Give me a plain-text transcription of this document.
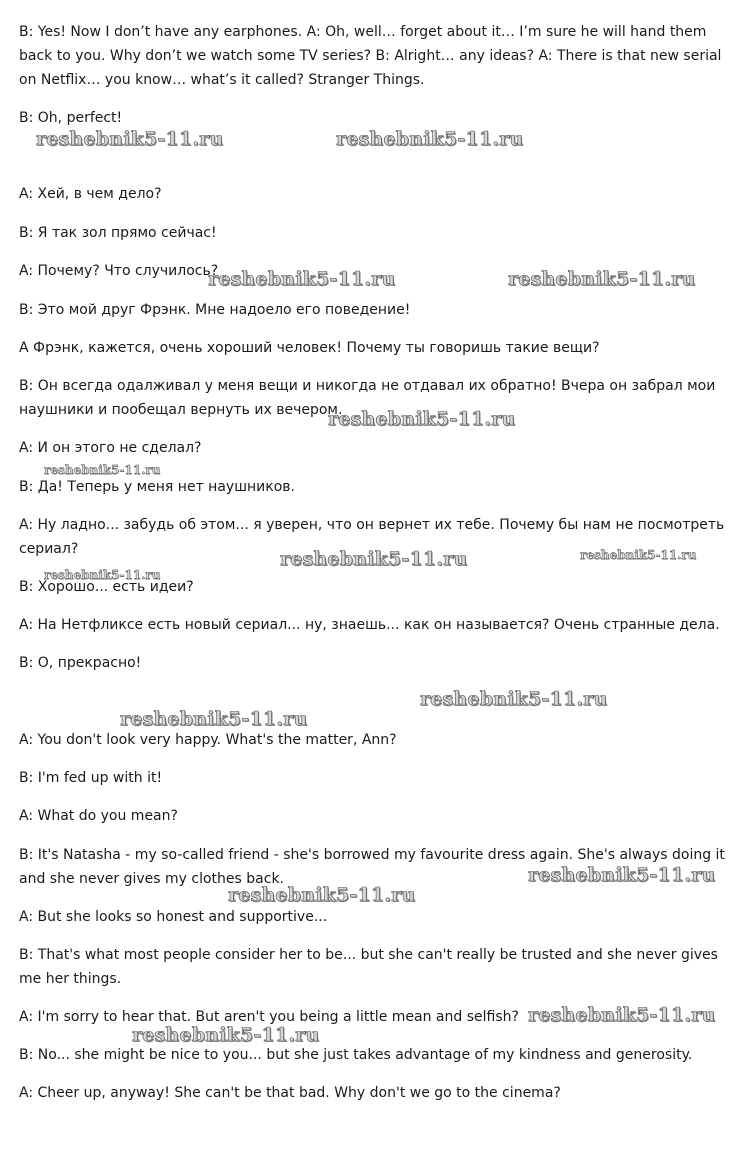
B: Yes! Now I don’t have any earphones. A: Oh, well… forget about it… I’m sure he will hand them back to you. Why don’t we watch some TV series? B: Alright… any ideas? A: There is that new serial on Netflix… you know… what’s it called? Stranger Things.

B: Oh, perfect!

A: Хей, в чем дело?

B: Я так зол прямо сейчас!

A: Почему? Что случилось?

B: Это мой друг Фрэнк. Мне надоело его поведение!

А Фрэнк, кажется, очень хороший человек! Почему ты говоришь такие вещи?

B: Он всегда одалживал у меня вещи и никогда не отдавал их обратно! Вчера он забрал мои наушники и пообещал вернуть их вечером.

A: И он этого не сделал?

B: Да! Теперь у меня нет наушников.

A: Ну ладно... забудь об этом... я уверен, что он вернет их тебе. Почему бы нам не посмотреть сериал?

B: Хорошо... есть идеи?

A: На Нетфликсе есть новый сериал... ну, знаешь... как он называется? Очень странные дела.

B: О, прекрасно!

A: You don't look very happy. What's the matter, Ann?

B: I'm fed up with it!

A: What do you mean?

B: It's Natasha - my so-called friend - she's borrowed my favourite dress again. She's always doing it and she never gives my clothes back.

A: But she looks so honest and supportive...

B: That's what most people consider her to be... but she can't really be trusted and she never gives me her things.

A: I'm sorry to hear that. But aren't you being a little mean and selfish?

B: No... she might be nice to you... but she just takes advantage of my kindness and generosity.

A: Cheer up, anyway! She can't be that bad. Why don't we go to the cinema?

reshebnik5-11.ru	reshebnik5-11.ru
reshebnik5-11.ru	reshebnik5-11.ru
reshebnik5-11.ru
reshebnik5-11.ru
reshebnik5-11.ru	reshebnik5-11.ru
reshebnik5-11.ru
reshebnik5-11.ru
reshebnik5-11.ru
reshebnik5-11.ru
reshebnik5-11.ru
reshebnik5-11.ru
reshebnik5-11.ru
